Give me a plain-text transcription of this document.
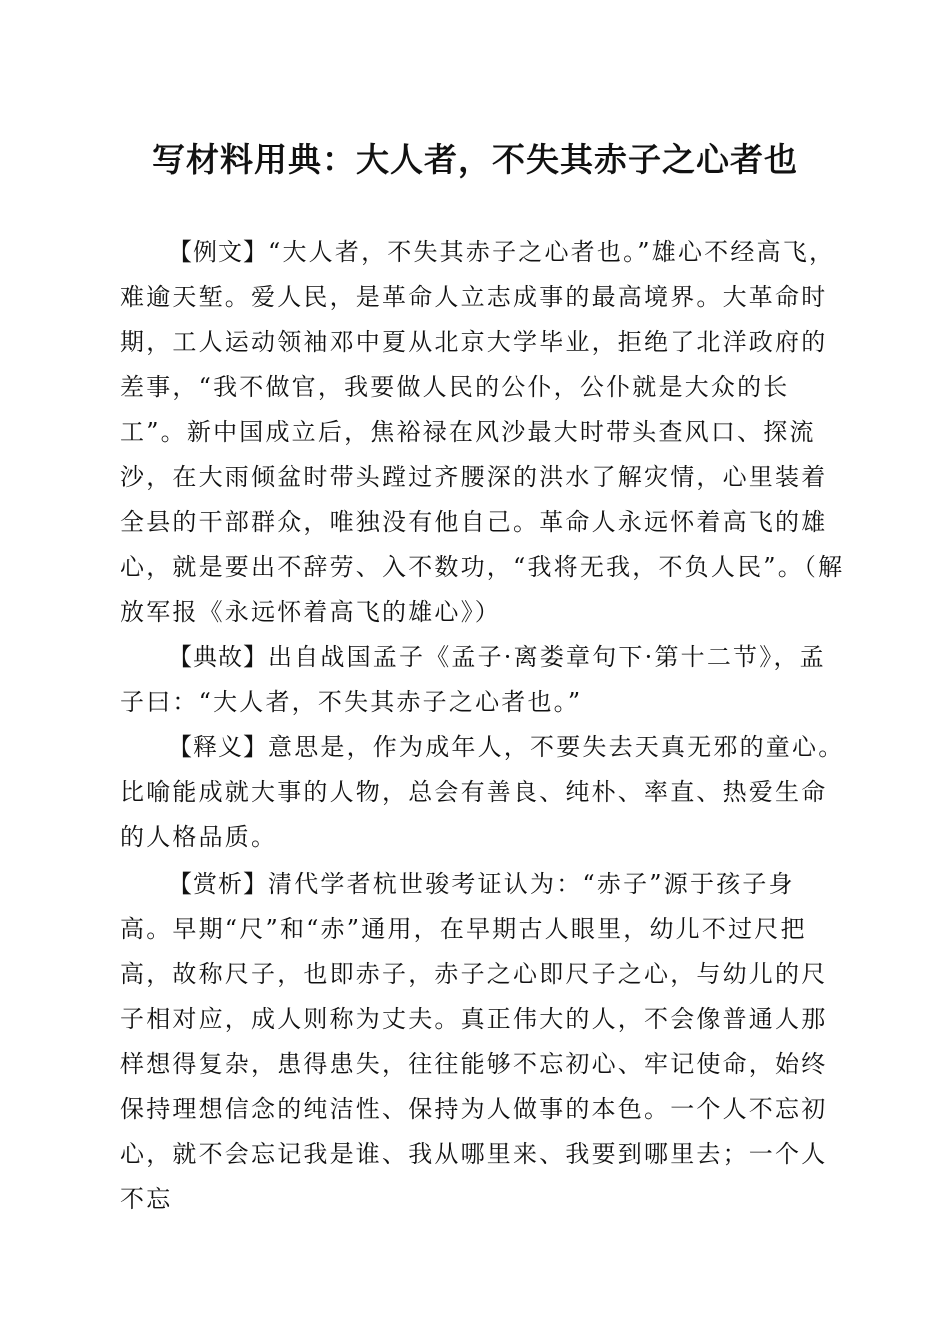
写材料用典：大人者，不失其赤子之心者也

【例文】“大人者，不失其赤子之心者也。”雄心不经高飞，难逾天堑。爱人民，是革命人立志成事的最高境界。大革命时期，工人运动领袖邓中夏从北京大学毕业，拒绝了北洋政府的差事，“我不做官，我要做人民的公仆，公仆就是大众的长工”。新中国成立后，焦裕禄在风沙最大时带头查风口、探流沙，在大雨倾盆时带头蹚过齐腰深的洪水了解灾情，心里装着全县的干部群众，唯独没有他自己。革命人永远怀着高飞的雄心，就是要出不辞劳、入不数功，“我将无我，不负人民”。（解放军报《永远怀着高飞的雄心》）

【典故】出自战国孟子《孟子·离娄章句下·第十二节》，孟子曰：“大人者，不失其赤子之心者也。”

【释义】意思是，作为成年人，不要失去天真无邪的童心。比喻能成就大事的人物，总会有善良、纯朴、率直、热爱生命的人格品质。

【赏析】清代学者杭世骏考证认为：“赤子”源于孩子身高。早期“尺”和“赤”通用，在早期古人眼里，幼儿不过尺把高，故称尺子，也即赤子，赤子之心即尺子之心，与幼儿的尺子相对应，成人则称为丈夫。真正伟大的人，不会像普通人那样想得复杂，患得患失，往往能够不忘初心、牢记使命，始终保持理想信念的纯洁性、保持为人做事的本色。一个人不忘初心，就不会忘记我是谁、我从哪里来、我要到哪里去；一个人不忘
